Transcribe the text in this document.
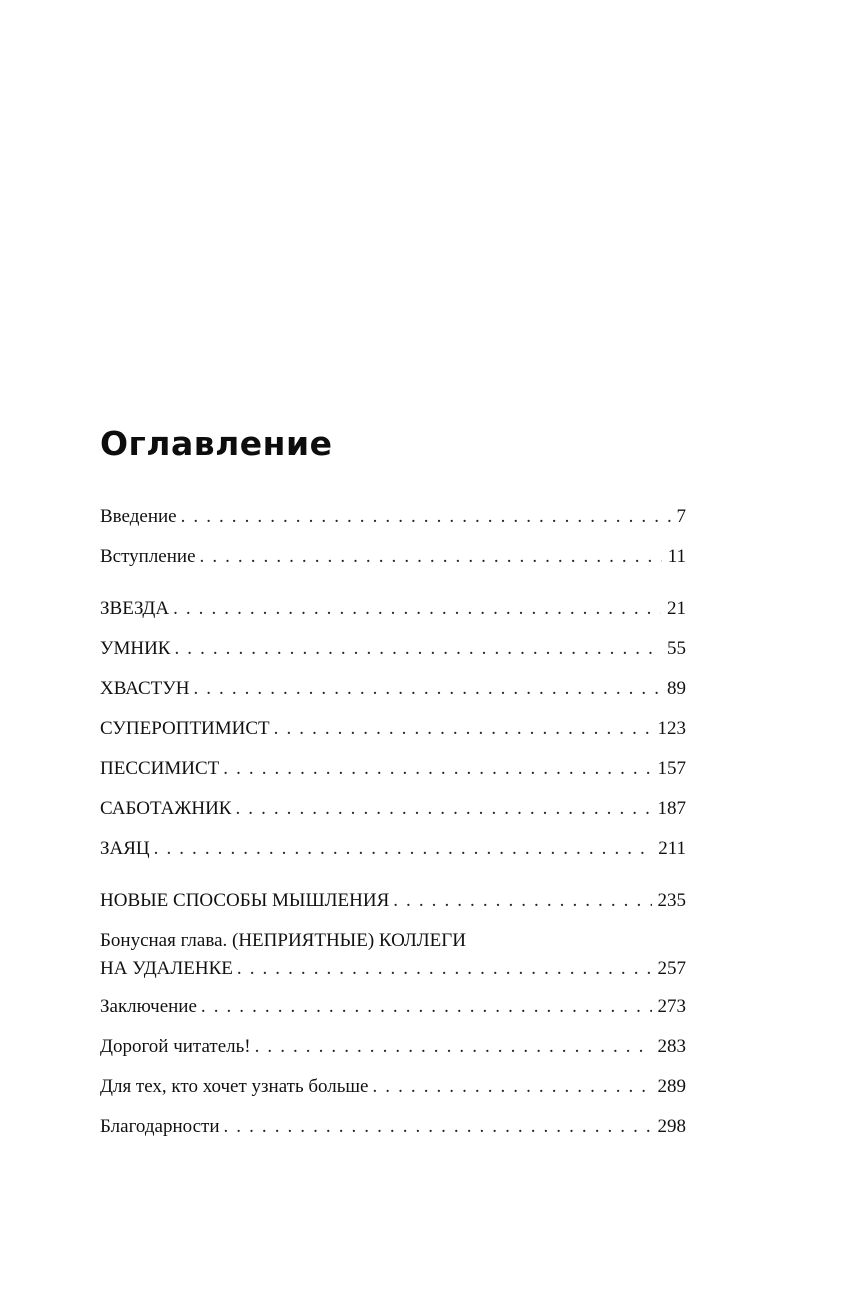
Оглавление
Введение . . .	7
Вступление . . .	11
ЗВЕЗДА . . .	21
УМНИК . . .	55
ХВАСТУН . . .	89
СУПЕРОПТИМИСТ . . .	123
ПЕССИМИСТ . . .	157
САБОТАЖНИК . . .	187
ЗАЯЦ . . .	211
НОВЫЕ СПОСОБЫ МЫШЛЕНИЯ . . .	235
Бонусная глава. (НЕПРИЯТНЫЕ) КОЛЛЕГИ
НА УДАЛЕНКЕ . . .	257
Заключение . . .	273
Дорогой читатель! . . .	283
Для тех, кто хочет узнать больше . . .	289
Благодарности . . .	298
